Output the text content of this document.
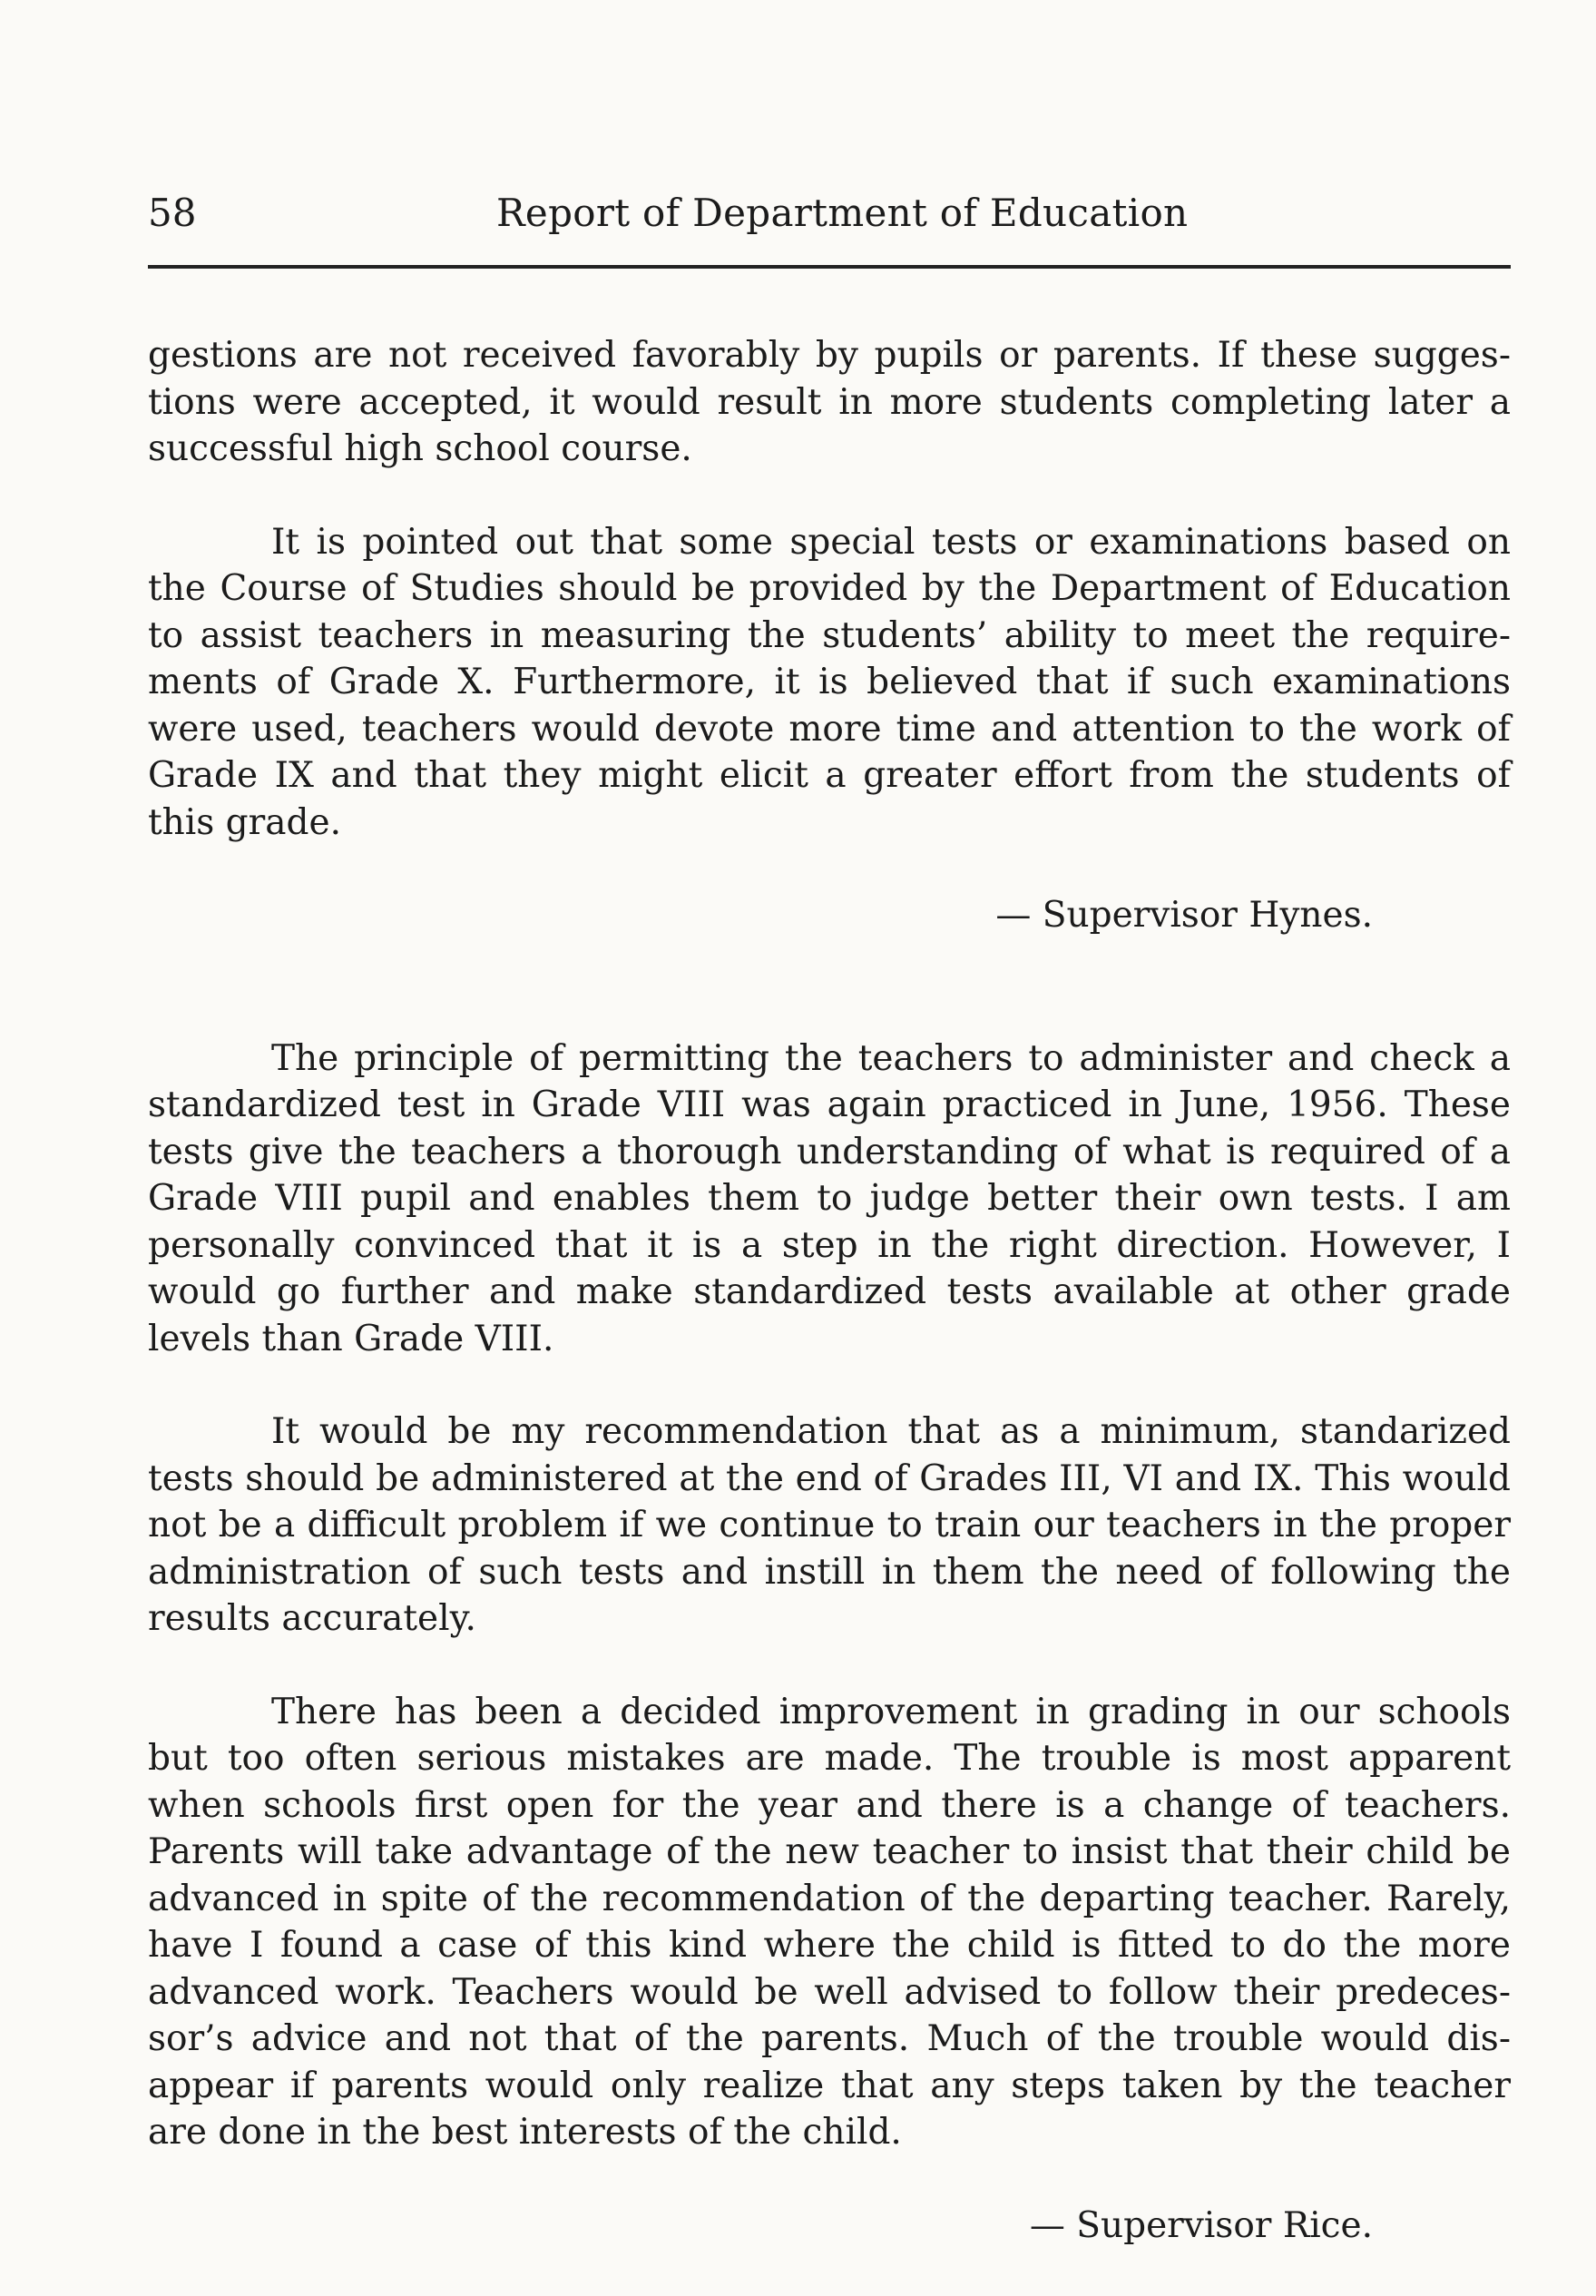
58	Report of Department of Education

gestions are not received favorably by pupils or parents. If these suggestions were accepted, it would result in more students completing later a successful high school course.

It is pointed out that some special tests or examinations based on the Course of Studies should be provided by the Department of Education to assist teachers in measuring the students’ ability to meet the requirements of Grade X. Furthermore, it is believed that if such examinations were used, teachers would devote more time and attention to the work of Grade IX and that they might elicit a greater effort from the students of this grade.

— Supervisor Hynes.

The principle of permitting the teachers to administer and check a standardized test in Grade VIII was again practiced in June, 1956. These tests give the teachers a thorough understanding of what is required of a Grade VIII pupil and enables them to judge better their own tests. I am personally convinced that it is a step in the right direction. However, I would go further and make standardized tests available at other grade levels than Grade VIII.

It would be my recommendation that as a minimum, standarized tests should be administered at the end of Grades III, VI and IX. This would not be a difficult problem if we continue to train our teachers in the proper administration of such tests and instill in them the need of following the results accurately.

There has been a decided improvement in grading in our schools but too often serious mistakes are made. The trouble is most apparent when schools first open for the year and there is a change of teachers. Parents will take advantage of the new teacher to insist that their child be advanced in spite of the recommendation of the departing teacher. Rarely, have I found a case of this kind where the child is fitted to do the more advanced work. Teachers would be well advised to follow their predecessor’s advice and not that of the parents. Much of the trouble would disappear if parents would only realize that any steps taken by the teacher are done in the best interests of the child.

— Supervisor Rice.
